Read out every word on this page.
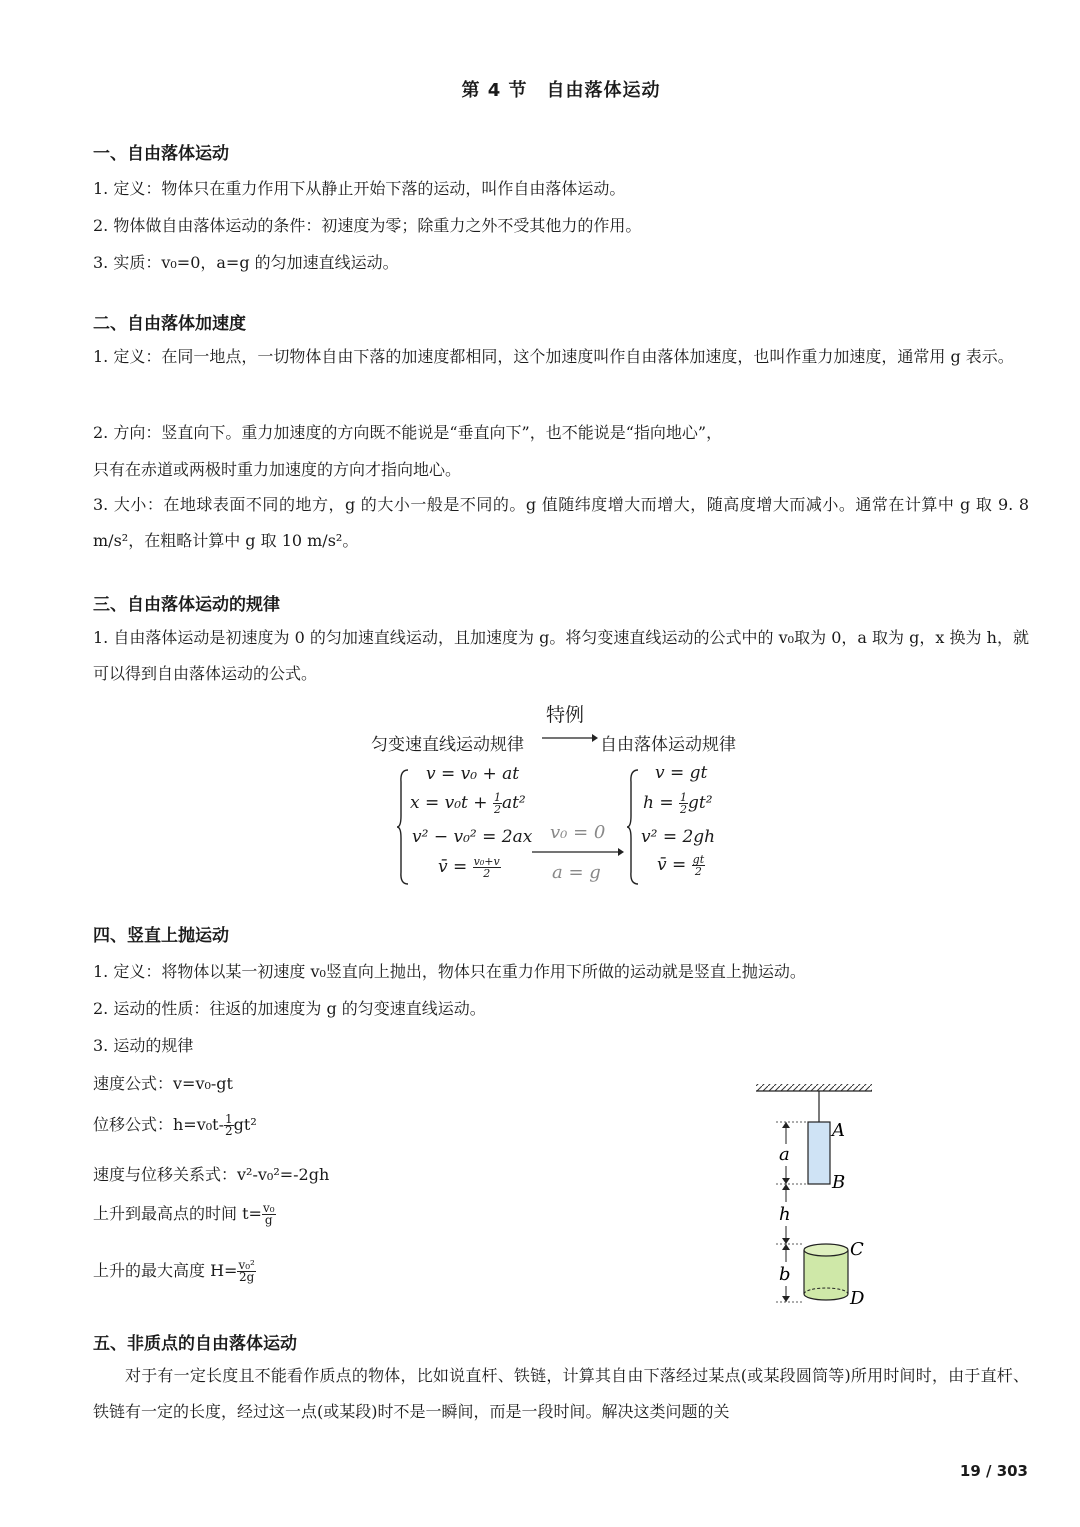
第 4 节　自由落体运动
一、自由落体运动
1. 定义：物体只在重力作用下从静止开始下落的运动，叫作自由落体运动。
2. 物体做自由落体运动的条件：初速度为零；除重力之外不受其他力的作用。
3. 实质：v₀=0，a=g 的匀加速直线运动。
二、自由落体加速度
1. 定义：在同一地点，一切物体自由下落的加速度都相同，这个加速度叫作自由落体加速度，也叫作重力加速度，通常用 g 表示。
2. 方向：竖直向下。重力加速度的方向既不能说是“垂直向下”，也不能说是“指向地心”，
只有在赤道或两极时重力加速度的方向才指向地心。
3. 大小：在地球表面不同的地方，g 的大小一般是不同的。g 值随纬度增大而增大，随高度增大而减小。通常在计算中 g 取 9. 8 m/s²，在粗略计算中 g 取 10 m/s²。
三、自由落体运动的规律
1. 自由落体运动是初速度为 0 的匀加速直线运动，且加速度为 g。将匀变速直线运动的公式中的 v₀取为 0，a 取为 g，x 换为 h，就可以得到自由落体运动的公式。
特例
匀变速直线运动规律	自由落体运动规律
v = v₀ + at
$x = v_0t + \frac{1}{2} at^2$
v² − v₀² = 2ax
v̄ = $\frac{\text{v₀+v}}{2}$
v₀ = 0
a = g
v = gt
$h = \frac{1}{2} gt^2$
v² = 2gh
v̄ = $\frac{gt}{2}$
四、竖直上抛运动
1. 定义：将物体以某一初速度 v₀竖直向上抛出，物体只在重力作用下所做的运动就是竖直上抛运动。
2. 运动的性质：往返的加速度为 g 的匀变速直线运动。
3. 运动的规律
速度公式：v=v₀-gt
位移公式：$h=v_0t- \frac{1}{2} gt^2$
速度与位移关系式：v²-v₀²=-2gh
上升到最高点的时间 $t= \frac{\text{v₀}}{g}$
上升的最大高度 $H= \frac{\text{v₀²}}{2g}$
A
B
C
D
a
h
b
五、非质点的自由落体运动
对于有一定长度且不能看作质点的物体，比如说直杆、铁链，计算其自由下落经过某点(或某段圆筒等)所用时间时，由于直杆、铁链有一定的长度，经过这一点(或某段)时不是一瞬间，而是一段时间。解决这类问题的关
19 / 303
